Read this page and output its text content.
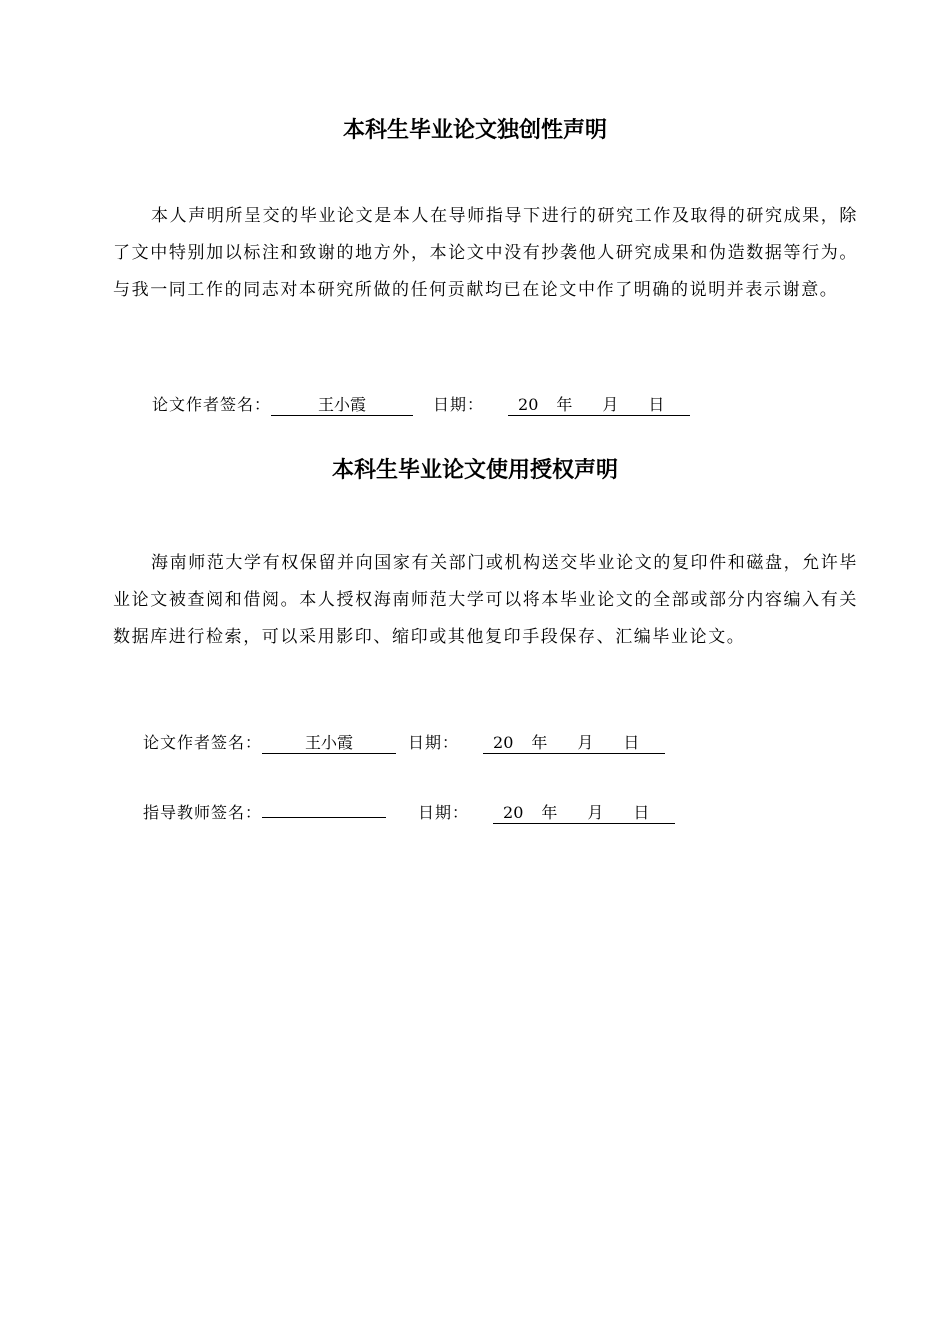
本科生毕业论文独创性声明

本人声明所呈交的毕业论文是本人在导师指导下进行的研究工作及取得的研究成果，除了文中特别加以标注和致谢的地方外，本论文中没有抄袭他人研究成果和伪造数据等行为。与我一同工作的同志对本研究所做的任何贡献均已在论文中作了明确的说明并表示谢意。

论文作者签名：	王小霞	日期： 20 年 月 日
本科生毕业论文使用授权声明

海南师范大学有权保留并向国家有关部门或机构送交毕业论文的复印件和磁盘，允许毕业论文被查阅和借阅。本人授权海南师范大学可以将本毕业论文的全部或部分内容编入有关数据库进行检索，可以采用影印、缩印或其他复印手段保存、汇编毕业论文。

论文作者签名：	王小霞	日期： 20 年 月 日
指导教师签名：	日期： 20 年 月 日
